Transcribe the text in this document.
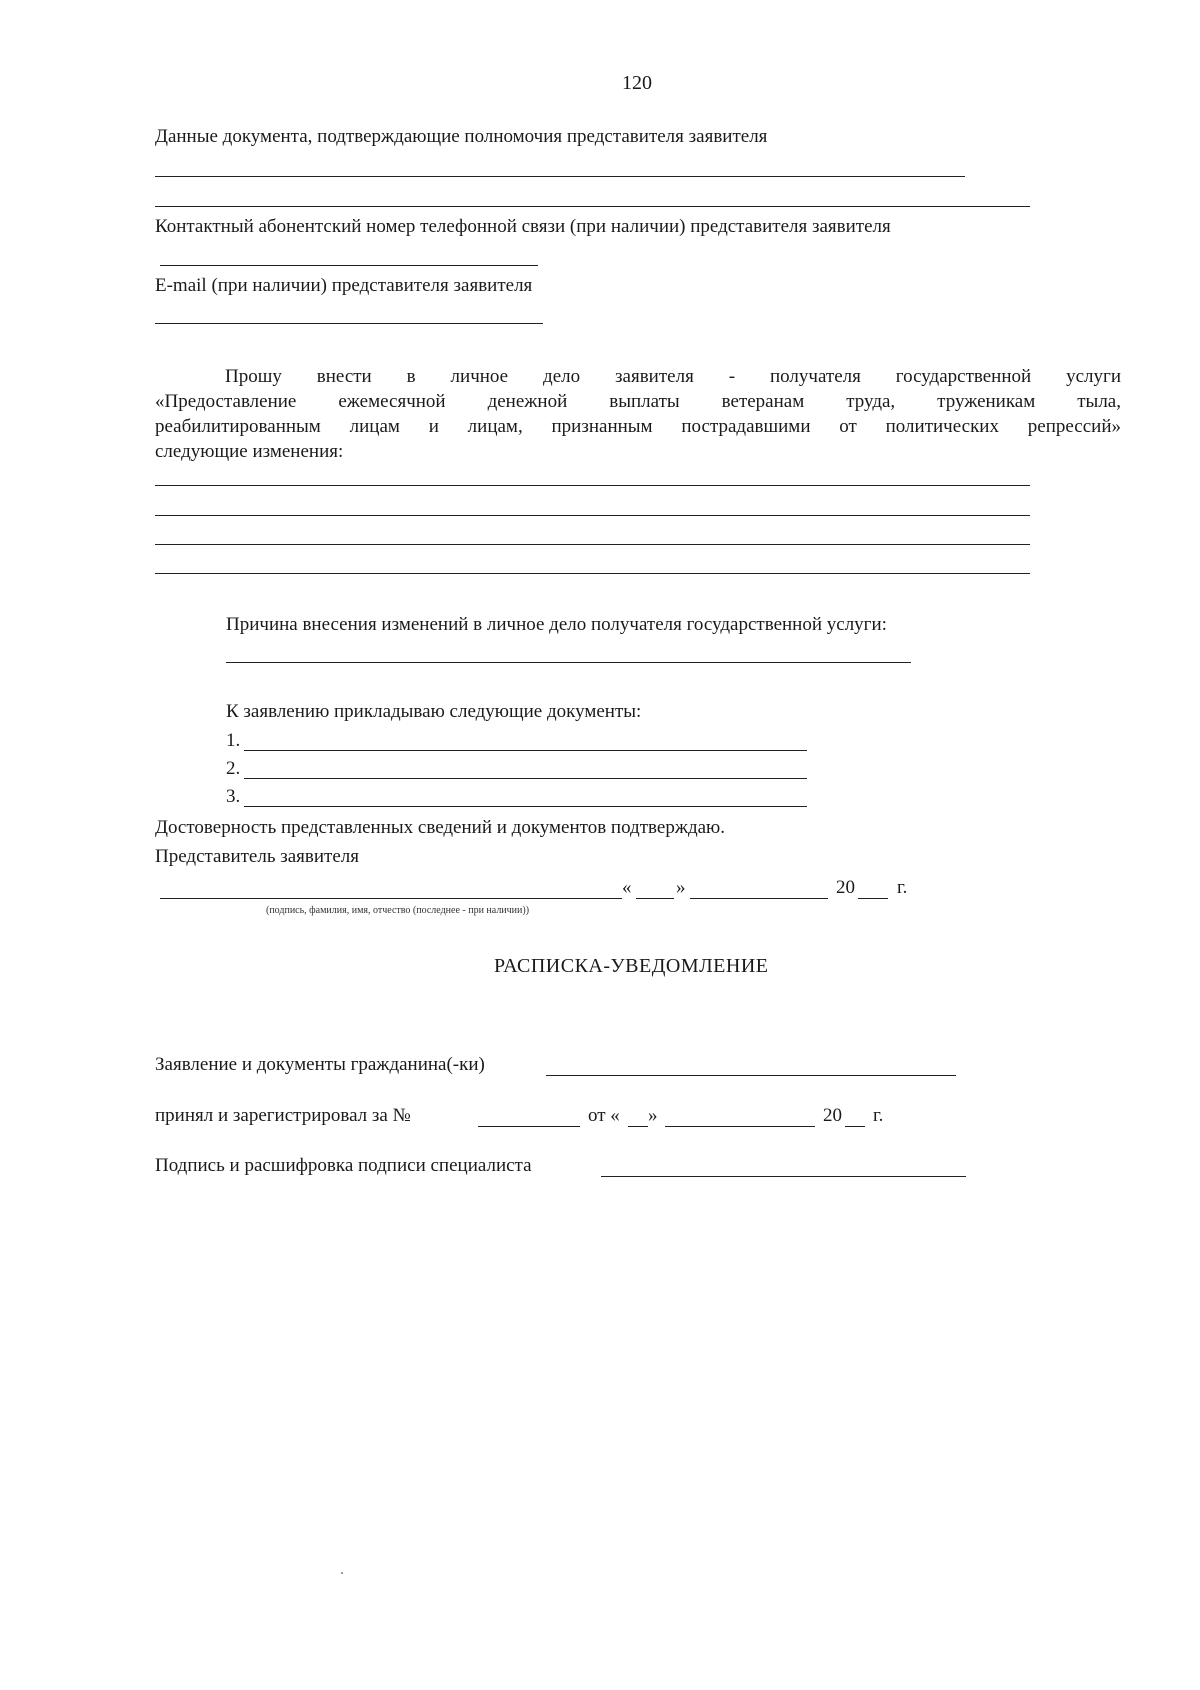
120
Данные документа, подтверждающие полномочия представителя заявителя
Контактный абонентский номер телефонной связи (при наличии) представителя заявителя
E-mail (при наличии) представителя заявителя
Прошу внести в личное дело заявителя - получателя государственной услуги
«Предоставление ежемесячной денежной выплаты ветеранам труда, труженикам тыла,
реабилитированным лицам и лицам, признанным пострадавшими от политических репрессий»
следующие изменения:
Причина внесения изменений в личное дело получателя государственной услуги:
К заявлению прикладываю следующие документы:
1.
2.
3.
Достоверность представленных сведений и документов подтверждаю.
Представитель заявителя
« »	20 г.
(подпись, фамилия, имя, отчество (последнее - при наличии))
РАСПИСКА-УВЕДОМЛЕНИЕ
Заявление и документы гражданина(-ки)
принял и зарегистрировал за №	от « »	20 г.
Подпись и расшифровка подписи специалиста
